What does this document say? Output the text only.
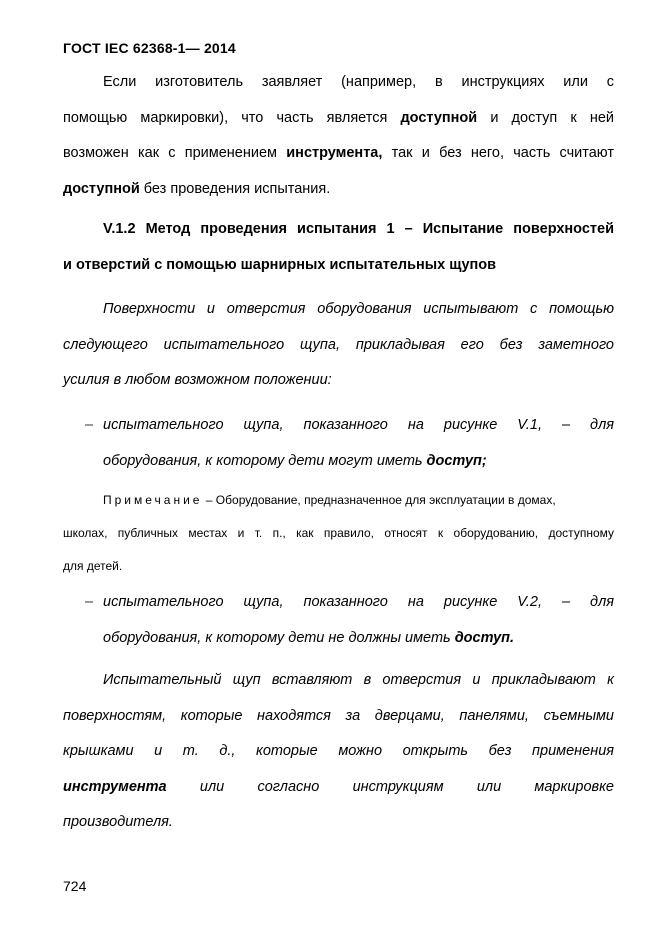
ГОСТ IEC 62368-1— 2014
Если изготовитель заявляет (например, в инструкциях или с
помощью маркировки), что часть является доступной и доступ к ней
возможен как с применением инструмента, так и без него, часть считают
доступной без проведения испытания.
V.1.2 Метод проведения испытания 1 – Испытание поверхностей
и отверстий с помощью шарнирных испытательных щупов
Поверхности и отверстия оборудования испытывают с помощью
следующего испытательного щупа, прикладывая его без заметного
усилия в любом возможном положении:
– испытательного щупа, показанного на рисунке V.1, – для
оборудования, к которому дети могут иметь доступ;
Примечание – Оборудование, предназначенное для эксплуатации в домах,
школах, публичных местах и т. п., как правило, относят к оборудованию, доступному
для детей.
– испытательного щупа, показанного на рисунке V.2, – для
оборудования, к которому дети не должны иметь доступ.
Испытательный щуп вставляют в отверстия и прикладывают к
поверхностям, которые находятся за дверцами, панелями, съемными
крышками и т. д., которые можно открыть без применения
инструмента или согласно инструкциям или маркировке
производителя.
724
